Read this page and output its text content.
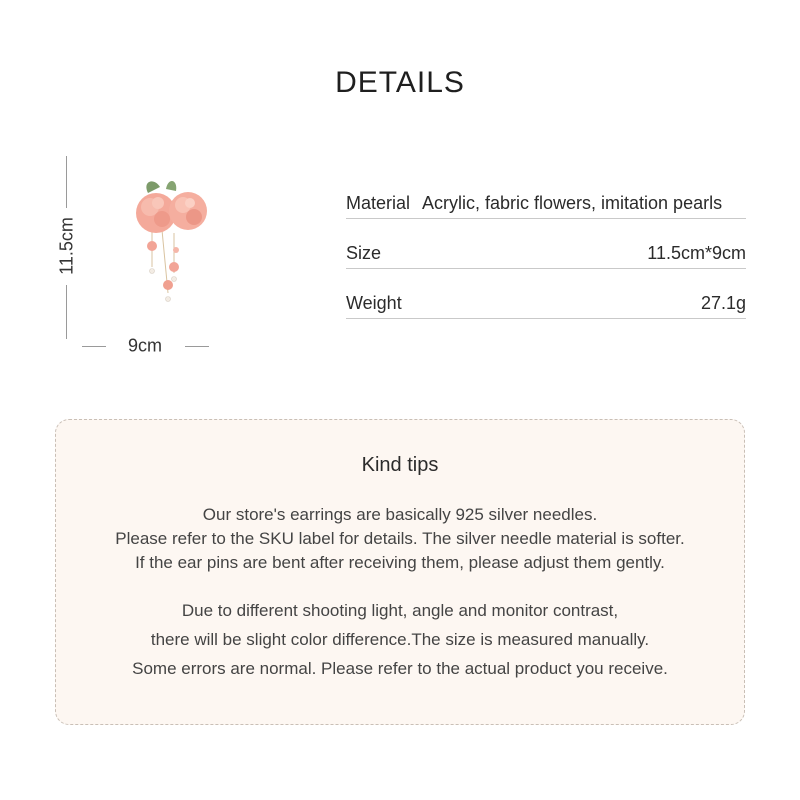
DETAILS
11.5cm
9cm
Material Acrylic, fabric flowers, imitation pearls
Size	11.5cm*9cm
Weight	27.1g
Kind tips
Our store's earrings are basically 925 silver needles.
Please refer to the SKU label for details. The silver needle material is softer.
If the ear pins are bent after receiving them, please adjust them gently.
Due to different shooting light, angle and monitor contrast,
there will be slight color difference.The size is measured manually.
Some errors are normal. Please refer to the actual product you receive.
